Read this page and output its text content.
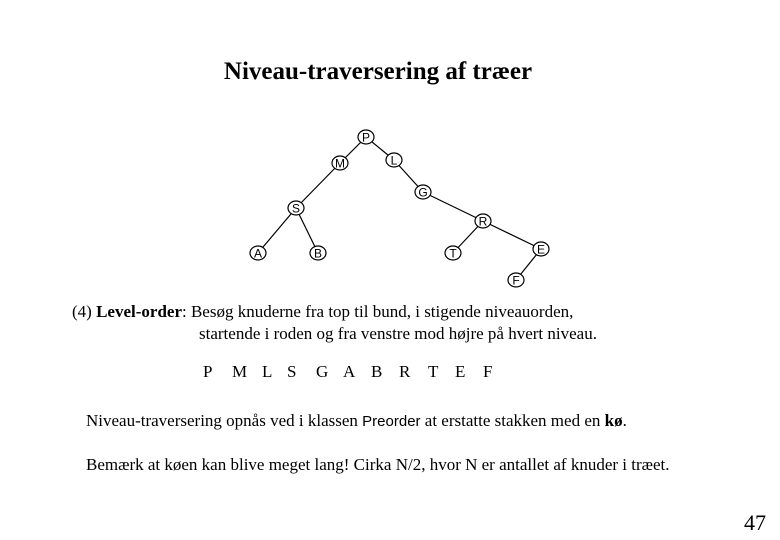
Niveau-traversering af træer
P
M	L
G
S
R
A	B	T	E
F
(4) Level-order: Besøg knuderne fra top til bund, i stigende niveauorden,
startende i roden og fra venstre mod højre på hvert niveau.
P M L S G A B R T E F
Niveau-traversering opnås ved i klassen Preorder at erstatte stakken med en kø.
Bemærk at køen kan blive meget lang! Cirka N/2, hvor N er antallet af knuder i træet.
47
